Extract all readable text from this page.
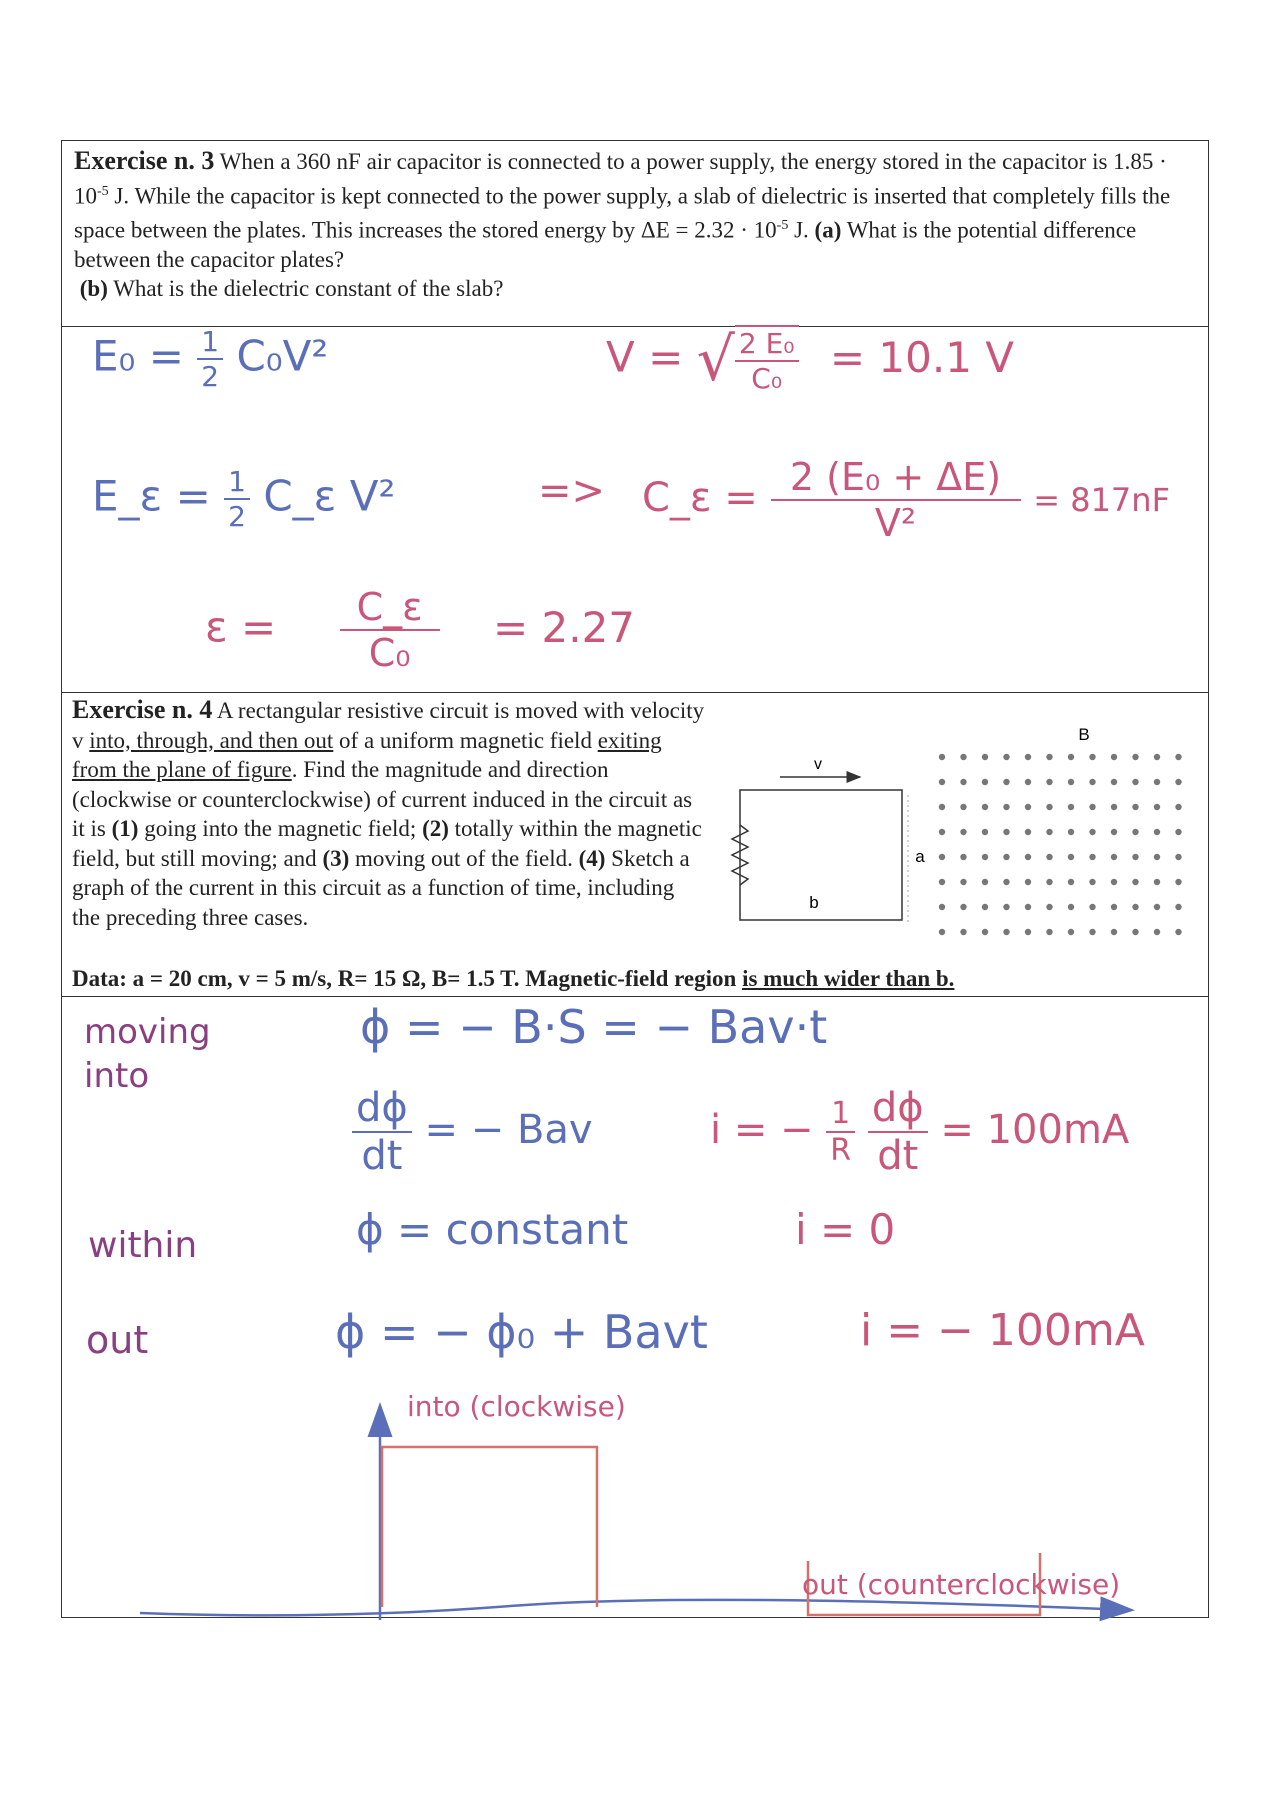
Exercise n. 3 When a 360 nF air capacitor is connected to a power supply, the energy stored in the capacitor is $1.85 \cdot 10^{-5}$ J. While the capacitor is kept connected to the power supply, a slab of dielectric is inserted that completely fills the space between the plates. This increases the stored energy by $\Delta E = 2.32 \cdot 10^{-5}$ J. (a) What is the potential difference between the capacitor plates?
(b) What is the dielectric constant of the slab?
$E_0 = \frac{1}{2} C_0V^2$	V = √ $\frac{\text{2 E₀}}{\text{C₀}} = 10.1$ V
E_ε = $\frac{1}{2}$ C_ε V²	=> C_ε = $\frac{\text{2 (E₀ + ΔE)}}{\text{V²}} = 817nF$
$\varepsilon = \frac{C\_\varepsilon}{\text{C₀}} = 2.27$
Exercise n. 4 A rectangular resistive circuit is moved with velocity v into, through, and then out of a uniform magnetic field exiting from the plane of figure. Find the magnitude and direction (clockwise or counterclockwise) of current induced in the circuit as it is (1) going into the magnetic field; (2) totally within the magnetic field, but still moving; and (3) moving out of the field. (4) Sketch a graph of the current in this circuit as a function of time, including the preceding three cases.
Data: a = 20 cm, v = 5 m/s, R= 15 Ω, B= 1.5 T. Magnetic-field region is much wider than b.
v
b
a
B
moving into
ϕ = − B·S = − Bav·t
$\frac{d\phi}{dt}$ = − Bav	i = − $\frac{1}{R}$
$\frac{d\phi}{dt} = 100mA$
within	ϕ = constant	i = 0
out	ϕ = − ϕ₀ + Bavt	i = − 100mA
into (clockwise)
out (counterclockwise)
